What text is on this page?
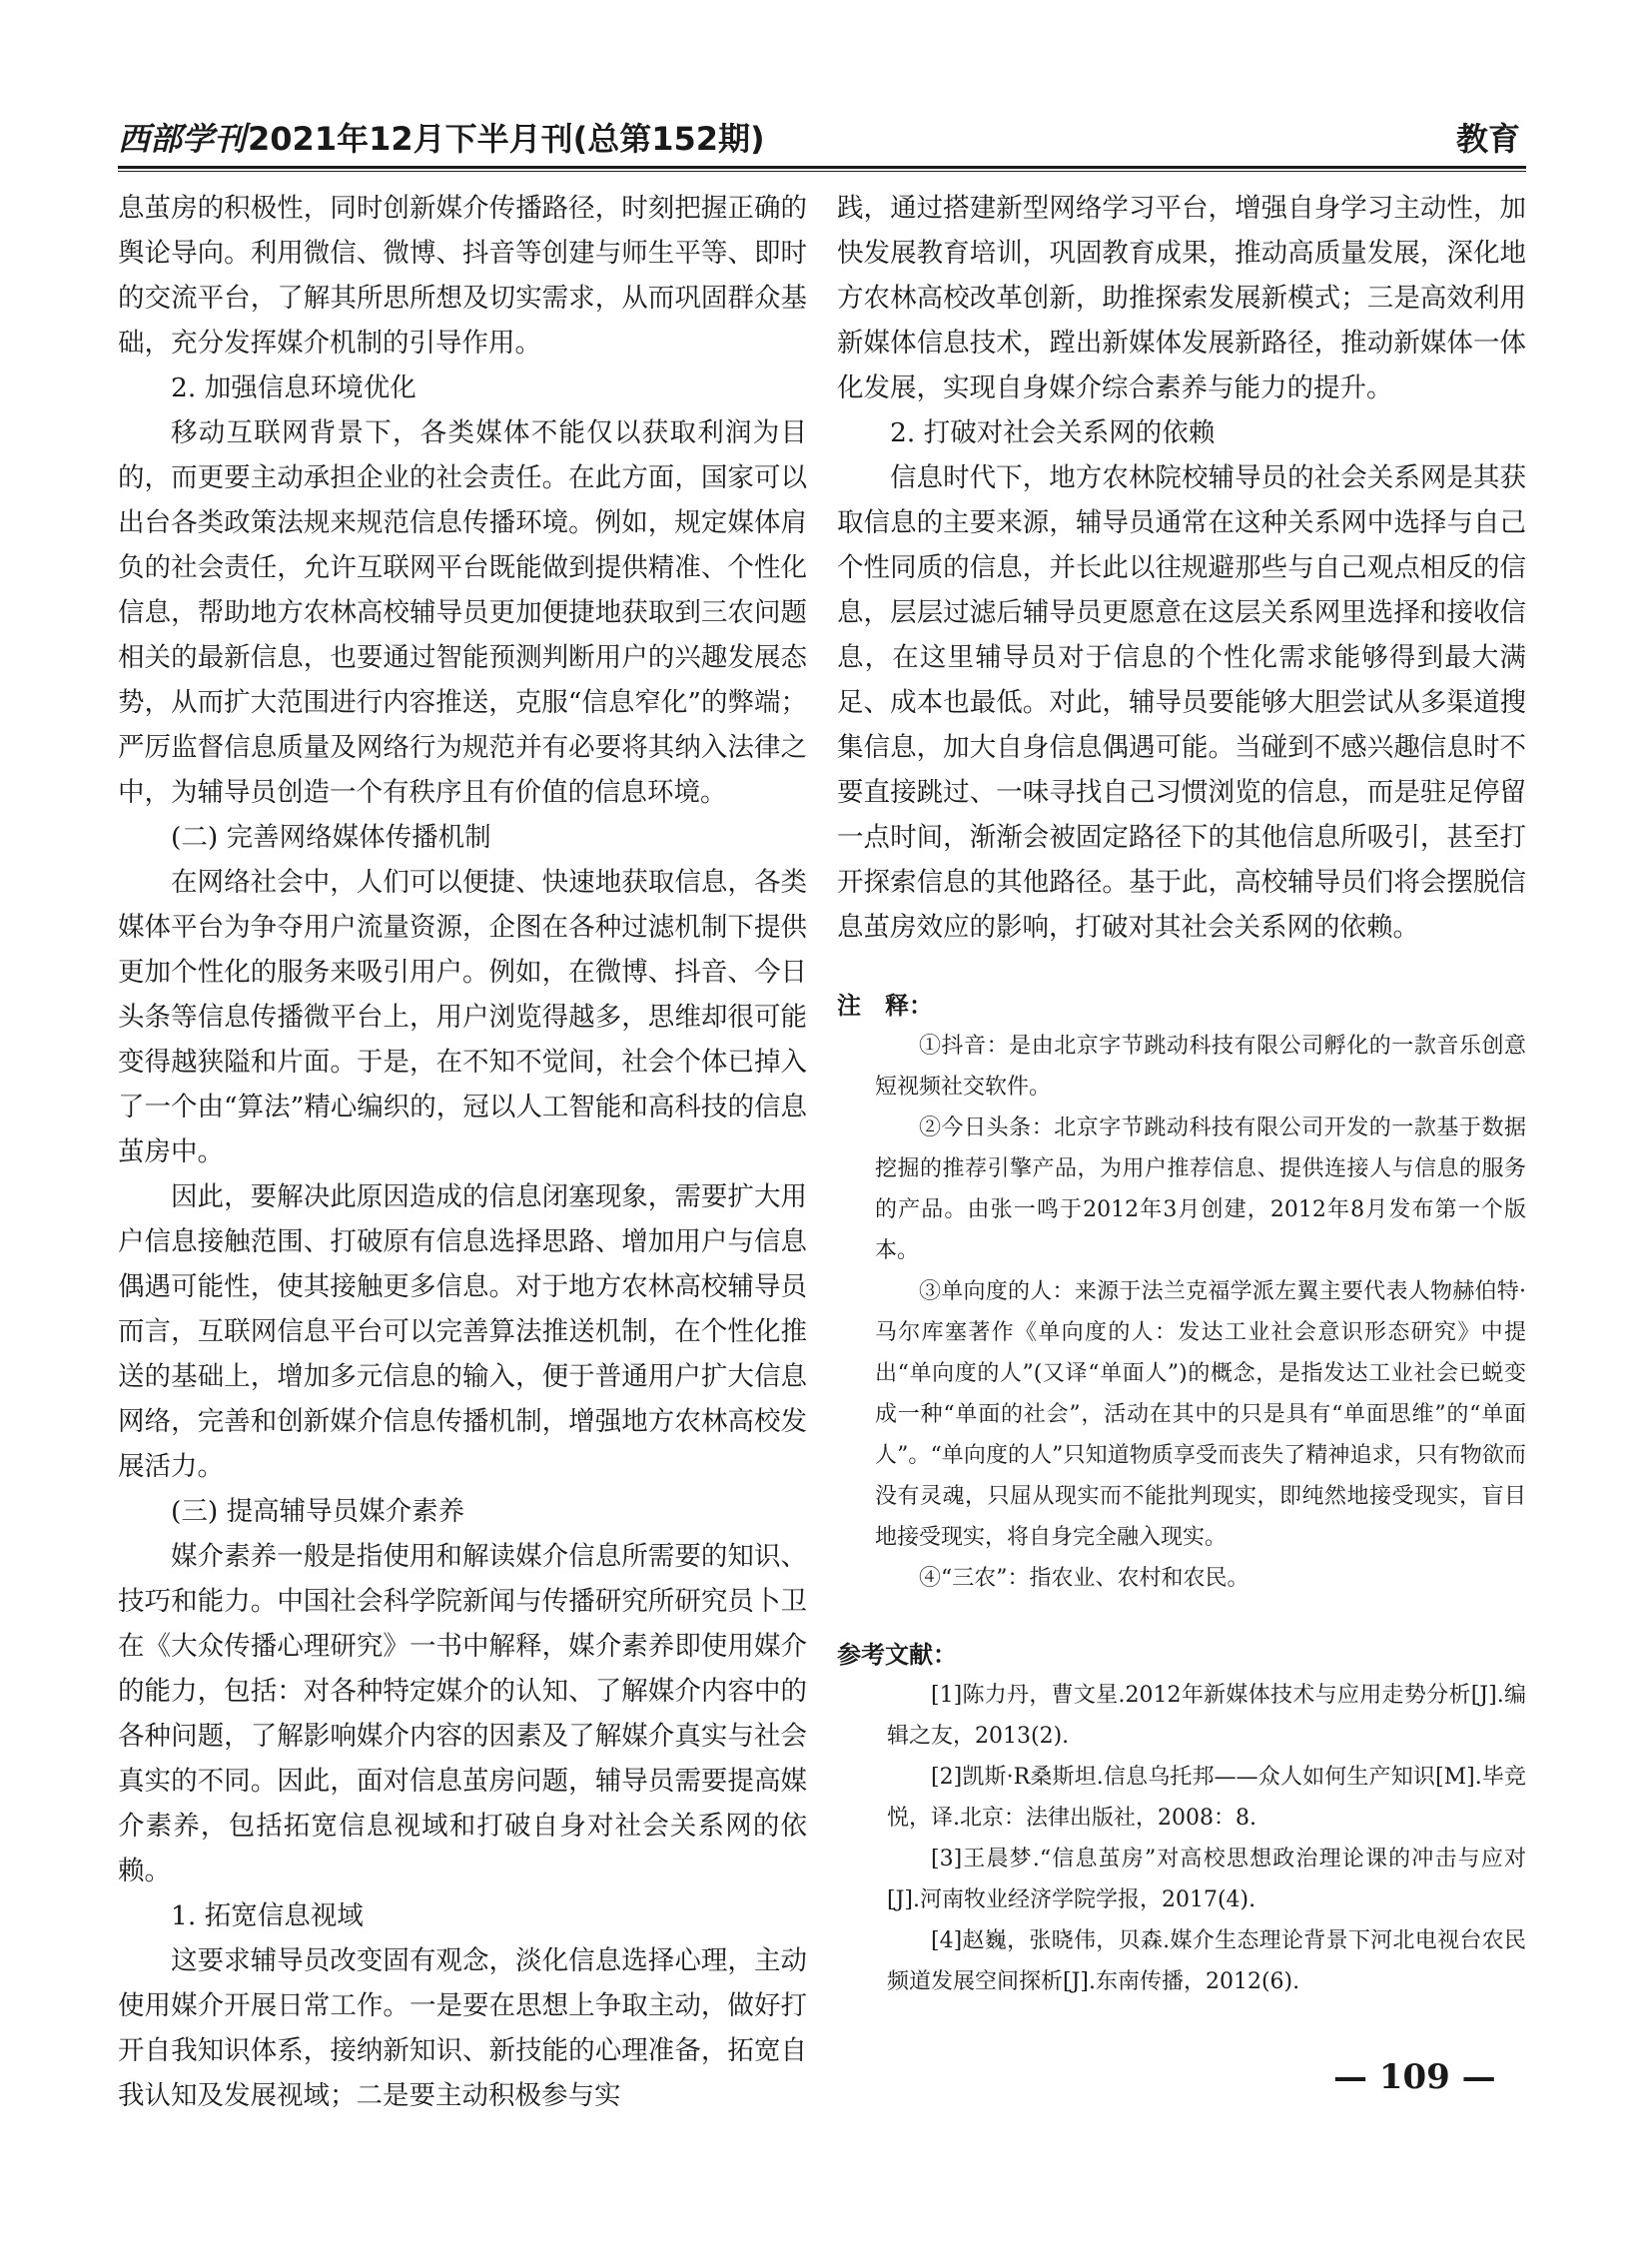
西部学刊2021年12月下半月刊(总第152期)	教育

息茧房的积极性，同时创新媒介传播路径，时刻把握正确的舆论导向。利用微信、微博、抖音等创建与师生平等、即时的交流平台，了解其所思所想及切实需求，从而巩固群众基础，充分发挥媒介机制的引导作用。

2. 加强信息环境优化

移动互联网背景下，各类媒体不能仅以获取利润为目的，而更要主动承担企业的社会责任。在此方面，国家可以出台各类政策法规来规范信息传播环境。例如，规定媒体肩负的社会责任，允许互联网平台既能做到提供精准、个性化信息，帮助地方农林高校辅导员更加便捷地获取到三农问题相关的最新信息，也要通过智能预测判断用户的兴趣发展态势，从而扩大范围进行内容推送，克服“信息窄化”的弊端；严厉监督信息质量及网络行为规范并有必要将其纳入法律之中，为辅导员创造一个有秩序且有价值的信息环境。

(二) 完善网络媒体传播机制

在网络社会中，人们可以便捷、快速地获取信息，各类媒体平台为争夺用户流量资源，企图在各种过滤机制下提供更加个性化的服务来吸引用户。例如，在微博、抖音、今日头条等信息传播微平台上，用户浏览得越多，思维却很可能变得越狭隘和片面。于是，在不知不觉间，社会个体已掉入了一个由“算法”精心编织的，冠以人工智能和高科技的信息茧房中。

因此，要解决此原因造成的信息闭塞现象，需要扩大用户信息接触范围、打破原有信息选择思路、增加用户与信息偶遇可能性，使其接触更多信息。对于地方农林高校辅导员而言，互联网信息平台可以完善算法推送机制，在个性化推送的基础上，增加多元信息的输入，便于普通用户扩大信息网络，完善和创新媒介信息传播机制，增强地方农林高校发展活力。

(三) 提高辅导员媒介素养

媒介素养一般是指使用和解读媒介信息所需要的知识、技巧和能力。中国社会科学院新闻与传播研究所研究员卜卫在《大众传播心理研究》一书中解释，媒介素养即使用媒介的能力，包括：对各种特定媒介的认知、了解媒介内容中的各种问题，了解影响媒介内容的因素及了解媒介真实与社会真实的不同。因此，面对信息茧房问题，辅导员需要提高媒介素养，包括拓宽信息视域和打破自身对社会关系网的依赖。

1. 拓宽信息视域

这要求辅导员改变固有观念，淡化信息选择心理，主动使用媒介开展日常工作。一是要在思想上争取主动，做好打开自我知识体系，接纳新知识、新技能的心理准备，拓宽自我认知及发展视域；二是要主动积极参与实

践，通过搭建新型网络学习平台，增强自身学习主动性，加快发展教育培训，巩固教育成果，推动高质量发展，深化地方农林高校改革创新，助推探索发展新模式；三是高效利用新媒体信息技术，蹚出新媒体发展新路径，推动新媒体一体化发展，实现自身媒介综合素养与能力的提升。

2. 打破对社会关系网的依赖

信息时代下，地方农林院校辅导员的社会关系网是其获取信息的主要来源，辅导员通常在这种关系网中选择与自己个性同质的信息，并长此以往规避那些与自己观点相反的信息，层层过滤后辅导员更愿意在这层关系网里选择和接收信息，在这里辅导员对于信息的个性化需求能够得到最大满足、成本也最低。对此，辅导员要能够大胆尝试从多渠道搜集信息，加大自身信息偶遇可能。当碰到不感兴趣信息时不要直接跳过、一味寻找自己习惯浏览的信息，而是驻足停留一点时间，渐渐会被固定路径下的其他信息所吸引，甚至打开探索信息的其他路径。基于此，高校辅导员们将会摆脱信息茧房效应的影响，打破对其社会关系网的依赖。

注　释：

①抖音：是由北京字节跳动科技有限公司孵化的一款音乐创意短视频社交软件。

②今日头条：北京字节跳动科技有限公司开发的一款基于数据挖掘的推荐引擎产品，为用户推荐信息、提供连接人与信息的服务的产品。由张一鸣于2012年3月创建，2012年8月发布第一个版本。

③单向度的人：来源于法兰克福学派左翼主要代表人物赫伯特·马尔库塞著作《单向度的人：发达工业社会意识形态研究》中提出“单向度的人”(又译“单面人”)的概念，是指发达工业社会已蜕变成一种“单面的社会”，活动在其中的只是具有“单面思维”的“单面人”。“单向度的人”只知道物质享受而丧失了精神追求，只有物欲而没有灵魂，只屈从现实而不能批判现实，即纯然地接受现实，盲目地接受现实，将自身完全融入现实。

④“三农”：指农业、农村和农民。

参考文献：

[1]陈力丹，曹文星.2012年新媒体技术与应用走势分析[J].编辑之友，2013(2).

[2]凯斯·R桑斯坦.信息乌托邦——众人如何生产知识[M].毕竞悦，译.北京：法律出版社，2008：8.

[3]王晨梦.“信息茧房”对高校思想政治理论课的冲击与应对[J].河南牧业经济学院学报，2017(4).

[4]赵巍，张晓伟，贝森.媒介生态理论背景下河北电视台农民频道发展空间探析[J].东南传播，2012(6).

— 109 —
